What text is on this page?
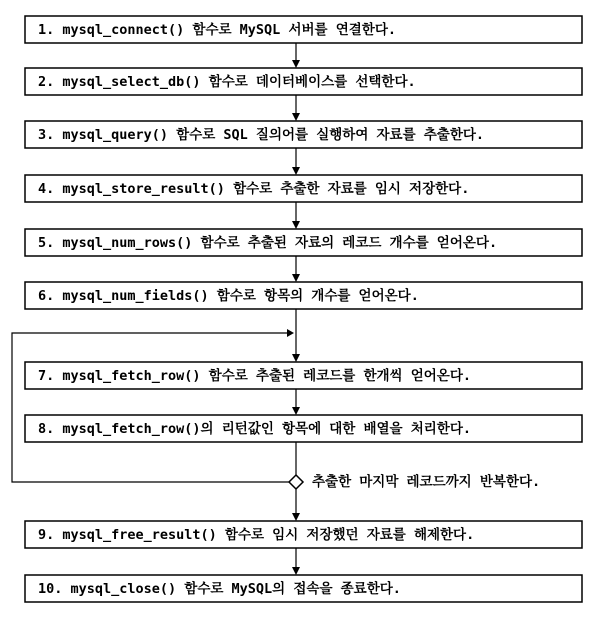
1. mysql_connect() 함수로 MySQL 서버를 연결한다.
2. mysql_select_db() 함수로 데이터베이스를 선택한다.
3. mysql_query() 함수로 SQL 질의어를 실행하여 자료를 추출한다.
4. mysql_store_result() 함수로 추출한 자료를 임시 저장한다.
5. mysql_num_rows() 함수로 추출된 자료의 레코드 개수를 얻어온다.
6. mysql_num_fields() 함수로 항목의 개수를 얻어온다.
7. mysql_fetch_row() 함수로 추출된 레코드를 한개씩 얻어온다.
8. mysql_fetch_row()의 리턴값인 항목에 대한 배열을 처리한다.
9. mysql_free_result() 함수로 임시 저장했던 자료를 해제한다.
10. mysql_close() 함수로 MySQL의 접속을 종료한다.
추출한 마지막 레코드까지 반복한다.
